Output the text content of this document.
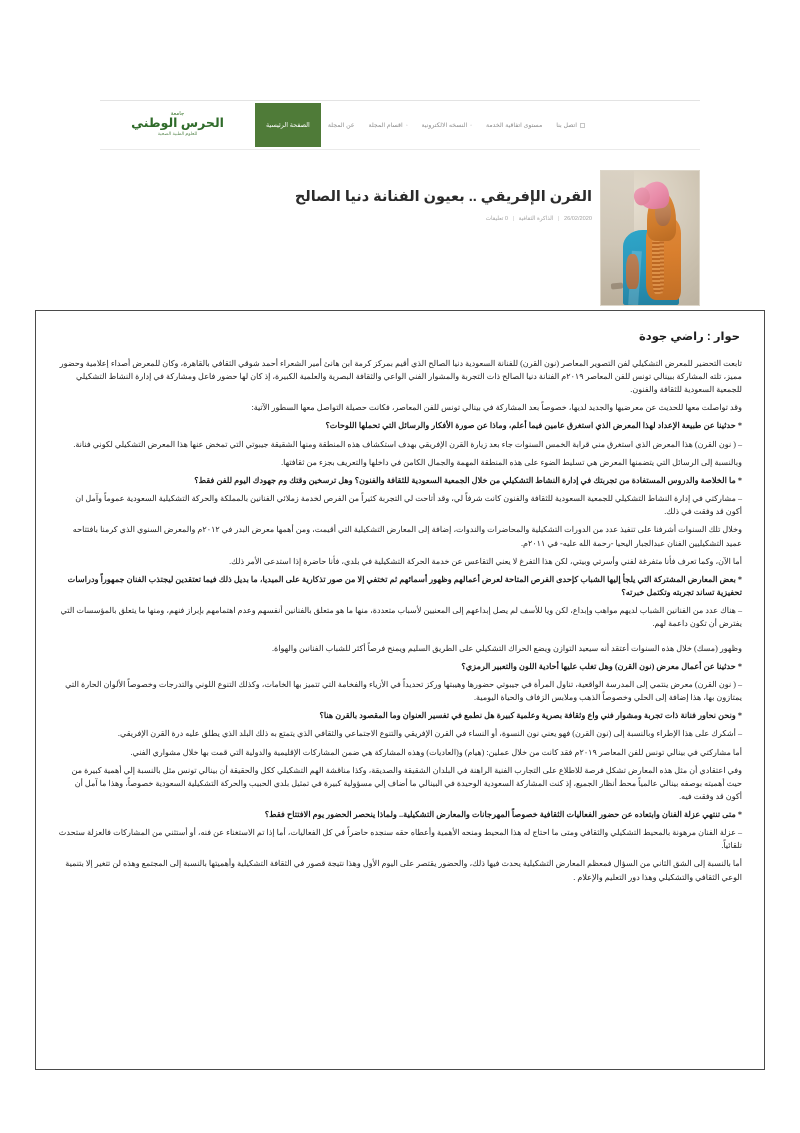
جامعة
الحرس الوطني
للعلوم الطبية الصحية
اتصل بنا
مستوى اتفاقية الخدمة
▫
النسخه الالكترونية
▫
اقسام المجلة
عن المجلة
الصفحة الرئيسية
القرن الإفريقي .. بعيون الفنانة دنيا الصالح
26/02/2020 | الذاكرة الثقافية | 0 تعليقات
حوار : راضي جودة

تابعت التحضير للمعرض التشكيلي لفن التصوير المعاصر (نون القرن) للفنانة السعودية دنيا الصالح الذي أقيم بمركز كرمة ابن هانئ أمير الشعراء أحمد شوقي الثقافي بالقاهرة، وكان للمعرض أصداء إعلامية وحضور مميز، تلته المشاركة ببينالي تونس للفن المعاصر ٢٠١٩م الفنانة دنيا الصالح ذات التجربة والمشوار الفني الواعي والثقافة البصرية والعلمية الكبيرة، إذ كان لها حضور فاعل ومشاركة في إدارة النشاط التشكيلي للجمعية السعودية للثقافة والفنون.

وقد تواصلت معها للحديث عن معرضيها والجديد لديها، خصوصاً بعد المشاركة في بينالي تونس للفن المعاصر، فكانت حصيلة التواصل معها السطور الآتية:

* حدثينا عن طبيعة الإعداد لهذا المعرض الذي استغرق عامين فيما أعلم، وماذا عن صورة الأفكار والرسائل التي تحملها اللوحات؟

– ( نون القرن) هذا المعرض الذي استغرق مني قرابة الخمس السنوات جاء بعد زيارة القرن الإفريقي بهدف استكشاف هذه المنطقة ومنها الشقيقة جيبوتي التي تمخض عنها هذا المعرض التشكيلي لكوني فنانة.

وبالنسبة إلى الرسائل التي يتضمنها المعرض هي تسليط الضوء على هذه المنطقة المهمة والجمال الكامن في داخلها والتعريف بجزء من ثقافتها.

* ما الخلاصة والدروس المستفادة من تجربتك في إدارة النشاط التشكيلي من خلال الجمعية السعودية للثقافة والفنون؟ وهل ترسخين وقتك وم جهودك اليوم للفن فقط؟

– مشاركتي في إدارة النشاط التشكيلي للجمعية السعودية للثقافة والفنون كانت شرفاً لي، وقد أتاحت لي التجربة كثيراً من الفرص لخدمة زملائي الفنانين بالمملكة والحركة التشكيلية السعودية عموماً وآمل ان أكون قد وفقت في ذلك.

وخلال تلك السنوات أشرفنا على تنفيذ عدد من الدورات التشكيلية والمحاضرات والندوات، إضافة إلى المعارض التشكيلية التي أقيمت، ومن أهمها معرض البدر في ٢٠١٢م والمعرض السنوي الذي كرمنا بافتتاحه عميد التشكيليين الفنان عبدالجبار اليحيا -رحمة الله عليه- في ٢٠١١م.

أما الآن، وكما تعرف فأنا متفرغة لفني وأسرتي وبيتي، لكن هذا التفرغ لا يعني التقاعس عن خدمة الحركة التشكيلية في بلدي، فأنا حاضرة إذا استدعى الأمر ذلك.

* بعض المعارض المشتركة التي يلجأ إليها الشباب كإحدى الفرص المتاحة لعرض أعمالهم وظهور أسمائهم ثم تختفي إلا من صور تذكارية على الميديا، ما بديل ذلك فيما تعتقدين ليجتذب الفنان جمهوراً ودراسات تحفيزية تساند تجربته وتكتمل خبرته؟

– هناك عدد من الفنانين الشباب لديهم مواهب وإبداع، لكن ويا للأسف لم يصل إبداعهم إلى المعنيين لأسباب متعددة، منها ما هو متعلق بالفنانين أنفسهم وعدم اهتمامهم بإبراز فنهم، ومنها ما يتعلق بالمؤسسات التي يفترض أن تكون داعمة لهم.

وظهور (مسك) خلال هذه السنوات أعتقد أنه سيعيد التوازن ويضع الحراك التشكيلي على الطريق السليم ويمنح فرصاً أكثر للشباب الفنانين والهواة.

* حدثينا عن أعمال معرض (نون القرن) وهل تغلب عليها أحادية اللون والتعبير الرمزي؟

– ( نون القرن) معرض ينتمي إلى المدرسة الواقعية، تناول المرأة في جيبوتي حضورها وهيبتها وركز تحديداً في الأزياء والفخامة التي تتميز بها الخامات، وكذلك التنوع اللوني والتدرجات وخصوصاً الألوان الحارة التي يمتازون بها، هذا إضافة إلى الحلي وخصوصاً الذهب وملابس الزفاف والحياة اليومية.

* ونحن نحاور فنانة ذات تجربة ومشوار فني واع وثقافة بصرية وعلمية كبيرة هل نطمع في تفسير العنوان وما المقصود بالقرن هنا؟

– أشكرك على هذا الإطراء وبالنسبة إلى (نون القرن) فهو يعني نون النسوة، أو النساء في القرن الإفريقي والتنوع الاجتماعي والثقافي الذي يتمتع به ذلك البلد الذي يطلق عليه درة القرن الإفريقي.

أما مشاركتي في بينالي تونس للفن المعاصر ٢٠١٩م فقد كانت من خلال عملين: (هيام) و(العاديات) وهذه المشاركة هي ضمن المشاركات الإقليمية والدولية التي قمت بها خلال مشواري الفني.

وفي اعتقادي أن مثل هذه المعارض تشكل فرصة للاطلاع على التجارب الفنية الراهنة في البلدان الشقيقة والصديقة، وكذا مناقشة الهم التشكيلي ككل والحقيقة أن بينالي تونس مثل بالنسبة إلي أهمية كبيرة من حيث أهميته بوصفه بينالي عالمياً محط أنظار الجميع، إذ كنت المشاركة السعودية الوحيدة في البينالي ما أضاف إلي مسؤولية كبيرة في تمثيل بلدي الحبيب والحركة التشكيلية السعودية خصوصاً، وهذا ما آمل أن أكون قد وفقت فيه.

* متى تنتهي عزلة الفنان وابتعاده عن حضور الفعاليات الثقافية خصوصاً المهرجانات والمعارض التشكيلية.. ولماذا ينحصر الحضور يوم الافتتاح فقط؟

– عزلة الفنان مرهونة بالمحيط التشكيلي والثقافي ومتى ما احتاج له هذا المحيط ومنحه الأهمية وأعطاه حقه سنجده حاضراً في كل الفعاليات، أما إذا تم الاستغناء عن فنه، أو أستثني من المشاركات فالعزلة ستحدث تلقائياً.

أما بالنسبة إلى الشق الثاني من السؤال فمعظم المعارض التشكيلية يحدث فيها ذلك، والحضور يقتصر على اليوم الأول وهذا نتيجة قصور في الثقافة التشكيلية وأهميتها بالنسبة إلى المجتمع وهذه لن تتغير إلا بتنمية الوعي الثقافي والتشكيلي وهذا دور التعليم والإعلام .
